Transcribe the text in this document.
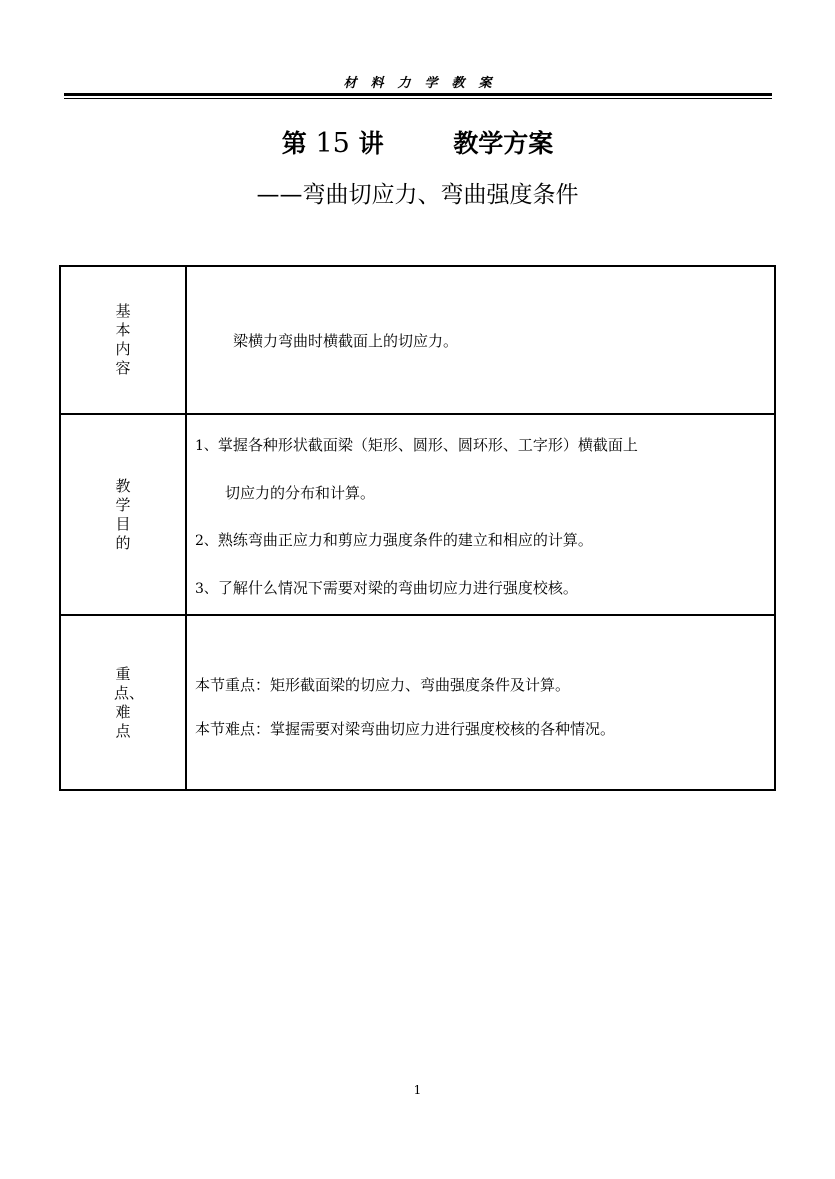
材料力学教案
第 15 讲	教学方案
——弯曲切应力、弯曲强度条件
基本内容	梁横力弯曲时横截面上的切应力。

教学目的	1、掌握各种形状截面梁（矩形、圆形、圆环形、工字形）横截面上
切应力的分布和计算。

2、熟练弯曲正应力和剪应力强度条件的建立和相应的计算。

3、了解什么情况下需要对梁的弯曲切应力进行强度校核。

重点、难点	本节重点：矩形截面梁的切应力、弯曲强度条件及计算。

本节难点：掌握需要对梁弯曲切应力进行强度校核的各种情况。

1
